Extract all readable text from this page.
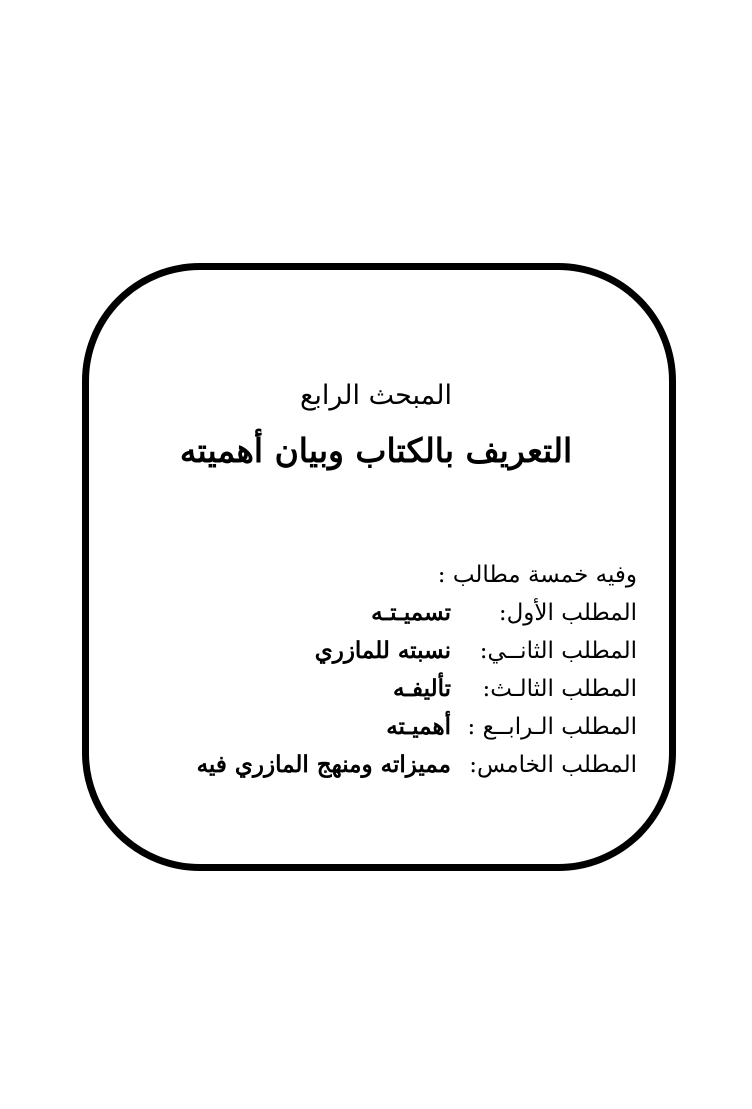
المبحث الرابع
التعريف بالكتاب وبيان أهميته

وفيه خمسة مطالب :

المطلب الأول:
تسميـتـه
المطلب الثانــي:
نسبته للمازري
المطلب الثالـث:
تأليفـه
المطلب الـرابــع :
أهميـته
المطلب الخامس:
مميزاته ومنهج المازري فيه
